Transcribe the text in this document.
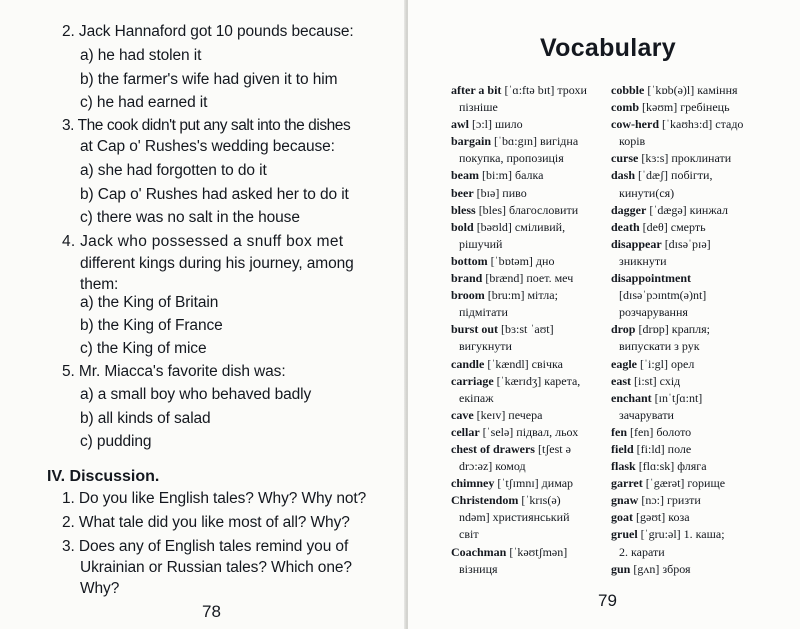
2. Jack Hannaford got 10 pounds because:
a) he had stolen it
b) the farmer's wife had given it to him
c) he had earned it
3. The cook didn't put any salt into the dishes
at Cap o' Rushes's wedding because:
a) she had forgotten to do it
b) Cap o' Rushes had asked her to do it
c) there was no salt in the house
4. Jack who possessed a snuff box met
different kings during his journey, among
them:
a) the King of Britain
b) the King of France
c) the King of mice
5. Mr. Miacca's favorite dish was:
a) a small boy who behaved badly
b) all kinds of salad
c) pudding
IV. Discussion.
1. Do you like English tales? Why? Why not?
2. What tale did you like most of all? Why?
3. Does any of English tales remind you of
Ukrainian or Russian tales? Which one?
Why?
78
Vocabulary
after a bit [ˈɑ:ftə bɪt] трохи
пізніше
awl [ɔ:l] шило
bargain [ˈbɑ:gɪn] вигідна
покупка, пропозиція
beam [bi:m] балка
beer [bɪə] пиво
bless [bles] благословити
bold [bəʊld] сміливий,
рішучий
bottom [ˈbɒtəm] дно
brand [brænd] поет. меч
broom [bru:m] мітла;
підмітати
burst out [bɜ:st ˈaʊt]
вигукнути
candle [ˈkændl] свічка
carriage [ˈkærɪdʒ] карета,
екіпаж
cave [keɪv] печера
cellar [ˈselə] підвал, льох
chest of drawers [tʃest ə
drɔ:əz] комод
chimney [ˈtʃɪmnɪ] димар
Christendom [ˈkrɪs(ə)
ndəm] християнський
світ
Coachman [ˈkəʊtʃmən]
візниця
cobble [ˈkɒb(ə)l] каміння
comb [kəʊm] гребінець
cow-herd [ˈkaʊhɜ:d] стадо
корів
curse [kɜ:s] проклинати
dash [ˈdæʃ] побігти,
кинути(ся)
dagger [ˈdægə] кинжал
death [deθ] смерть
disappear [dɪsəˈpɪə]
зникнути
disappointment
[dɪsəˈpɔɪntm(ə)nt]
розчарування
drop [drɒp] крапля;
випускати з рук
eagle [ˈi:gl] орел
east [i:st] схід
enchant [ɪnˈtʃɑ:nt]
зачарувати
fen [fen] болото
field [fi:ld] поле
flask [flɑ:sk] фляга
garret [ˈgærət] горище
gnaw [nɔ:] гризти
goat [gəʊt] коза
gruel [ˈgru:əl] 1. каша;
2. карати
gun [gʌn] зброя
79
